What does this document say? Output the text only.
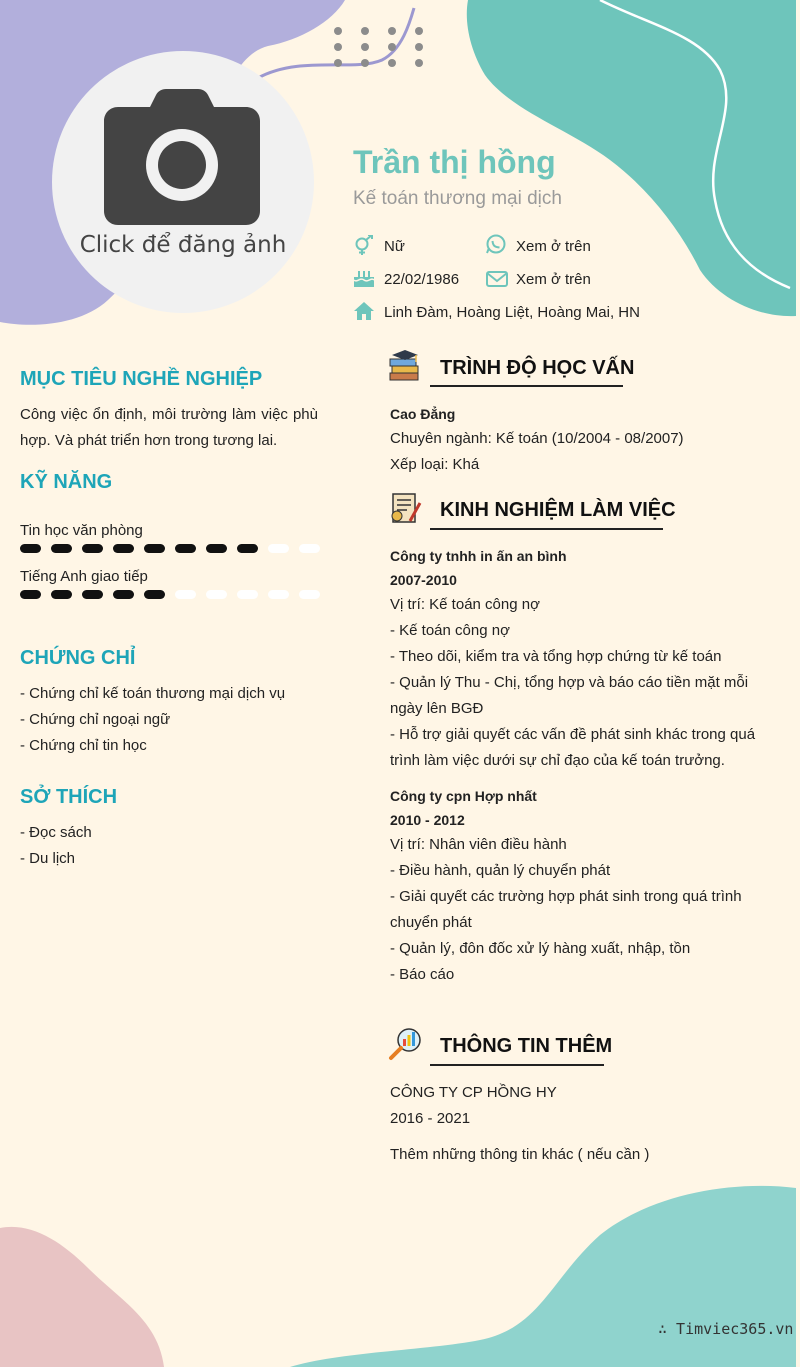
Click để đăng ảnh
Trần thị hồng
Kế toán thương mại dịch
Nữ	Xem ở trên
22/02/1986	Xem ở trên
Linh Đàm, Hoàng Liệt, Hoàng Mai, HN
MỤC TIÊU NGHỀ NGHIỆP
Công việc ổn định, môi trường làm việc phù hợp. Và phát triển hơn trong tương lai.
KỸ NĂNG
Tin học văn phòng
Tiếng Anh giao tiếp
CHỨNG CHỈ
- Chứng chỉ kế toán thương mại dịch vụ
- Chứng chỉ ngoại ngữ
- Chứng chỉ tin học
SỞ THÍCH
- Đọc sách
- Du lịch
TRÌNH ĐỘ HỌC VẤN
Cao Đẳng
Chuyên ngành: Kế toán (10/2004 - 08/2007)
Xếp loại: Khá
KINH NGHIỆM LÀM VIỆC
Công ty tnhh in ấn an bình
2007-2010
Vị trí: Kế toán công nợ
- Kế toán công nợ
- Theo dõi, kiểm tra và tổng hợp chứng từ kế toán
- Quản lý Thu - Chị, tổng hợp và báo cáo tiền mặt mỗi ngày lên BGĐ
- Hỗ trợ giải quyết các vấn đề phát sinh khác trong quá trình làm việc dưới sự chỉ đạo của kế toán trưởng.
Công ty cpn Hợp nhất
2010 - 2012
Vị trí: Nhân viên điều hành
- Điều hành, quản lý chuyển phát
- Giải quyết các trường hợp phát sinh trong quá trình chuyển phát
- Quản lý, đôn đốc xử lý hàng xuất, nhập, tồn
- Báo cáo
THÔNG TIN THÊM
CÔNG TY CP HỒNG HY
2016 - 2021
Thêm những thông tin khác ( nếu cần )
∴ Timviec365.vn
